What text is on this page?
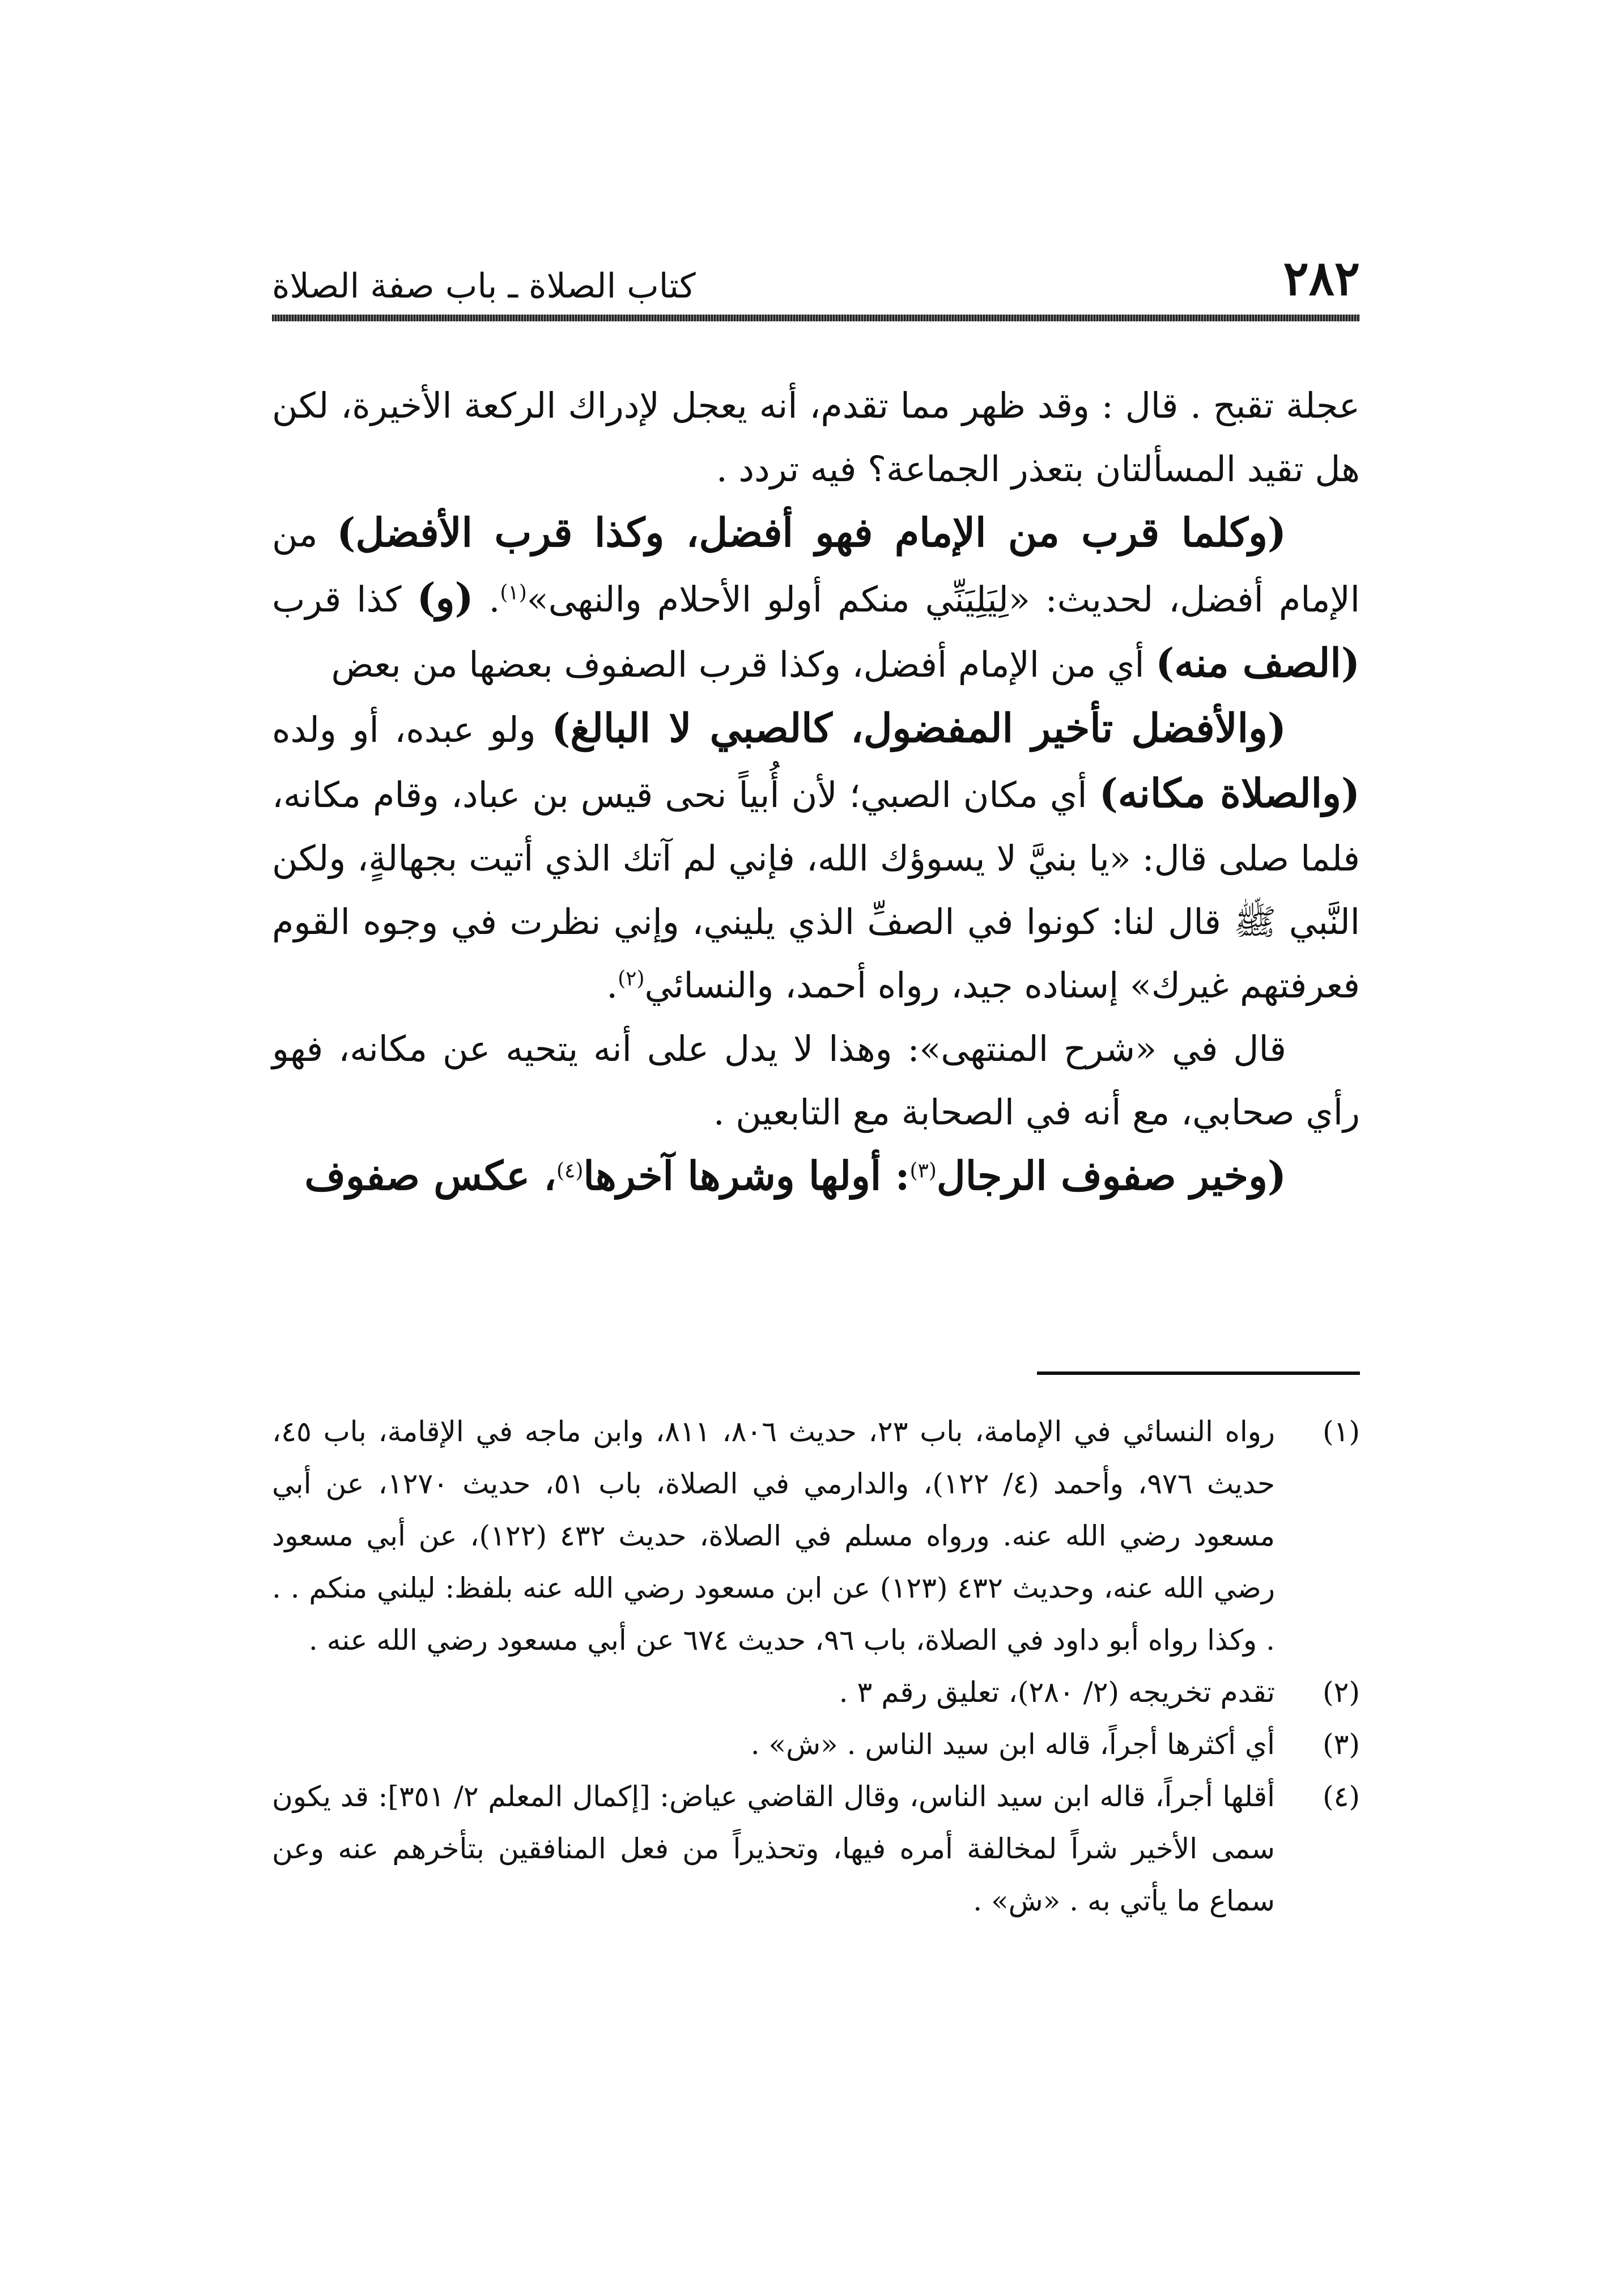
٢٨٢
كتاب الصلاة ـ باب صفة الصلاة

عجلة تقبح . قال : وقد ظهر مما تقدم، أنه يعجل لإدراك الركعة الأخيرة، لكن هل تقيد المسألتان بتعذر الجماعة؟ فيه تردد .

(وكلما قرب من الإمام فهو أفضل، وكذا قرب الأفضل) من الإمام أفضل، لحديث: «لِيَلِيَنِّي منكم أولو الأحلام والنهى»$^{(١)}$. (و) كذا قرب (الصف منه) أي من الإمام أفضل، وكذا قرب الصفوف بعضها من بعض

(والأفضل تأخير المفضول، كالصبي لا البالغ) ولو عبده، أو ولده (والصلاة مكانه) أي مكان الصبي؛ لأن أُبياً نحى قيس بن عباد، وقام مكانه، فلما صلى قال: «يا بنيَّ لا يسوؤك الله، فإني لم آتك الذي أتيت بجهالةٍ، ولكن النَّبي ﷺ قال لنا: كونوا في الصفِّ الذي يليني، وإني نظرت في وجوه القوم فعرفتهم غيرك» إسناده جيد، رواه أحمد، والنسائي$^{(٢)}$.

قال في «شرح المنتهى»: وهذا لا يدل على أنه يتحيه عن مكانه، فهو رأي صحابي، مع أنه في الصحابة مع التابعين .

(وخير صفوف الرجال$^{(٣)}$: أولها وشرها آخرها$^{(٤)}$، عكس صفوف

(١)
رواه النسائي في الإمامة، باب ٢٣، حديث ٨٠٦، ٨١١، وابن ماجه في الإقامة، باب ٤٥، حديث ٩٧٦، وأحمد (٤/ ١٢٢)، والدارمي في الصلاة، باب ٥١، حديث ١٢٧٠، عن أبي مسعود رضي الله عنه. ورواه مسلم في الصلاة، حديث ٤٣٢ (١٢٢)، عن أبي مسعود رضي الله عنه، وحديث ٤٣٢ (١٢٣) عن ابن مسعود رضي الله عنه بلفظ: ليلني منكم . . . وكذا رواه أبو داود في الصلاة، باب ٩٦، حديث ٦٧٤ عن أبي مسعود رضي الله عنه .
(٢)
تقدم تخريجه (٢/ ٢٨٠)، تعليق رقم ٣ .
(٣)
أي أكثرها أجراً، قاله ابن سيد الناس . «ش» .
(٤)
أقلها أجراً، قاله ابن سيد الناس، وقال القاضي عياض: [إكمال المعلم ٢/ ٣٥١]: قد يكون سمى الأخير شراً لمخالفة أمره فيها، وتحذيراً من فعل المنافقين بتأخرهم عنه وعن سماع ما يأتي به . «ش» .
